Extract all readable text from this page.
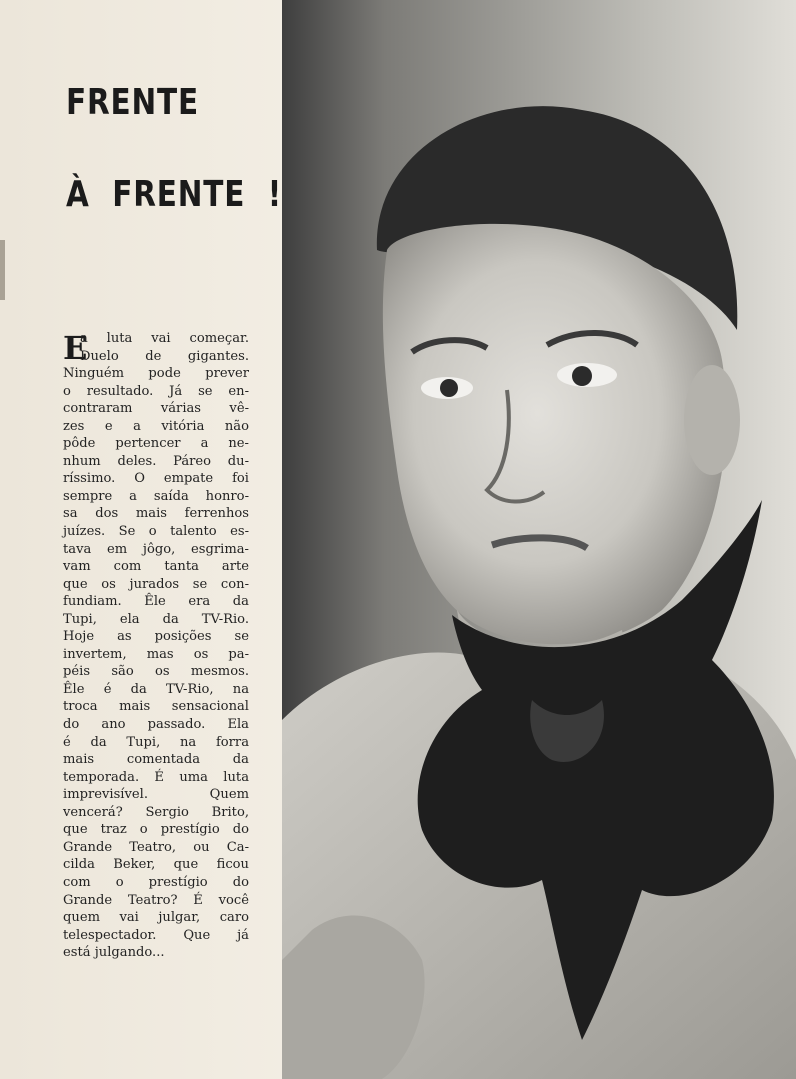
FRENTE
À FRENTE !
E
a luta vai começar.
Duelo de gigantes.
Ninguém pode prever
o resultado. Já se en-
contraram várias vê-
zes e a vitória não
pôde pertencer a ne-
nhum deles. Páreo du-
ríssimo. O empate foi
sempre a saída honro-
sa dos mais ferrenhos
juízes. Se o talento es-
tava em jôgo, esgrima-
vam com tanta arte
que os jurados se con-
fundiam. Êle era da
Tupi, ela da TV-Rio.
Hoje as posições se
invertem, mas os pa-
péis são os mesmos.
Êle é da TV-Rio, na
troca mais sensacional
do ano passado. Ela
é da Tupi, na forra
mais comentada da
temporada. É uma luta
imprevisível. Quem
vencerá? Sergio Brito,
que traz o prestígio do
Grande Teatro, ou Ca-
cilda Beker, que ficou
com o prestígio do
Grande Teatro? É você
quem vai julgar, caro
telespectador. Que já
está julgando...
